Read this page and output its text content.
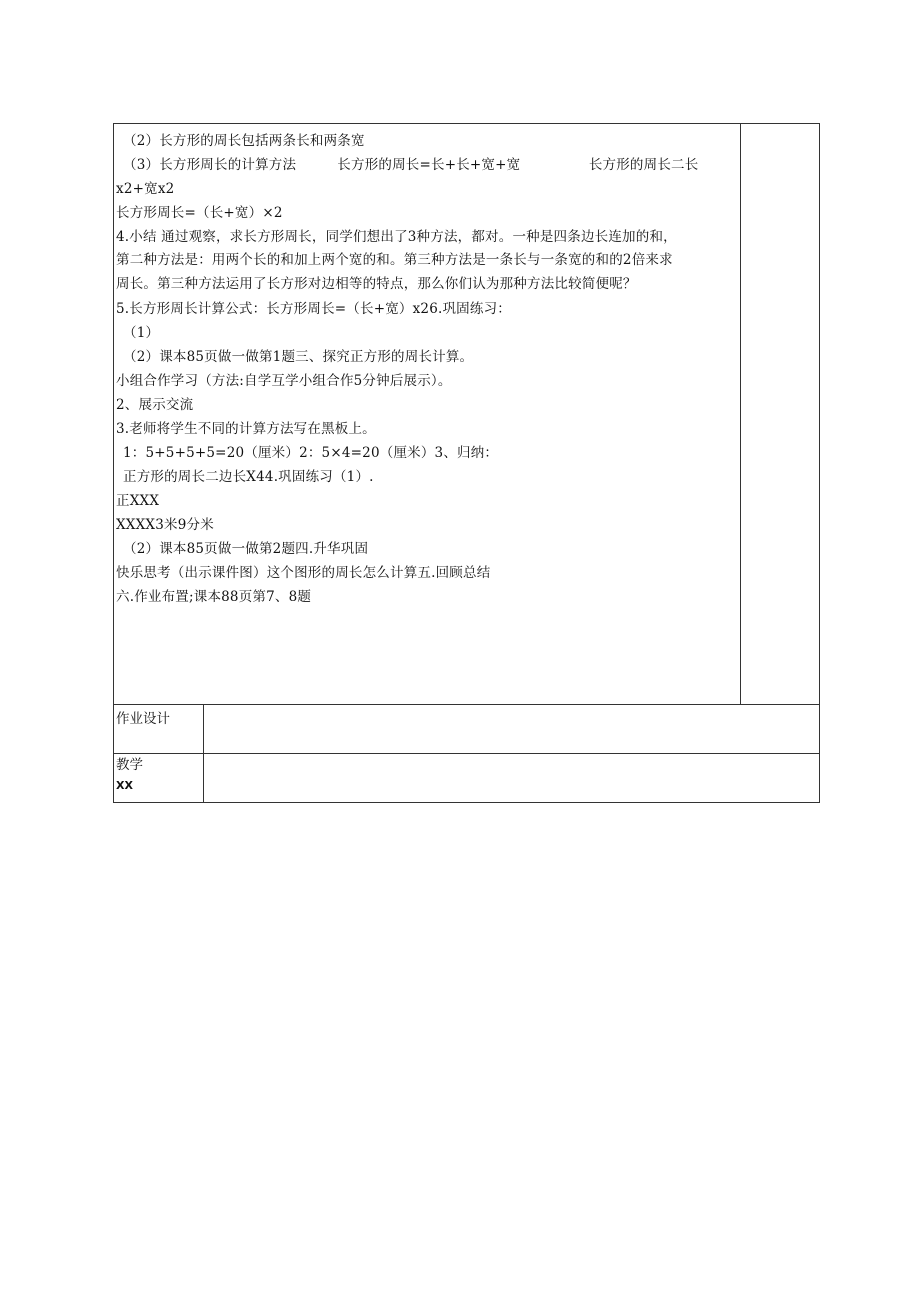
（2）长方形的周长包括两条长和两条宽
（3）长方形周长的计算方法　　　长方形的周长=长+长+宽+宽　　　　　长方形的周长二长
x2+宽x2
长方形周长=（长+宽）×2
4.小结 通过观察，求长方形周长，同学们想出了3种方法，都对。一种是四条边长连加的和，
第二种方法是：用两个长的和加上两个宽的和。第三种方法是一条长与一条宽的和的2倍来求
周长。第三种方法运用了长方形对边相等的特点，那么你们认为那种方法比较简便呢？
5.长方形周长计算公式：长方形周长=（长+宽）x26.巩固练习：
（1）
（2）课本85页做一做第1题三、探究正方形的周长计算。
小组合作学习（方法:自学互学小组合作5分钟后展示）。
2、展示交流
3.老师将学生不同的计算方法写在黑板上。
1：5+5+5+5=20（厘米）2：5×4=20（厘米）3、归纳：
正方形的周长二边长X44.巩固练习（1）.
正XXX
XXXX3米9分米
（2）课本85页做一做第2题四.升华巩固
快乐思考（出示课件图）这个图形的周长怎么计算五.回顾总结
六.作业布置;课本88页第7、8题
作业设计
教学
XX
